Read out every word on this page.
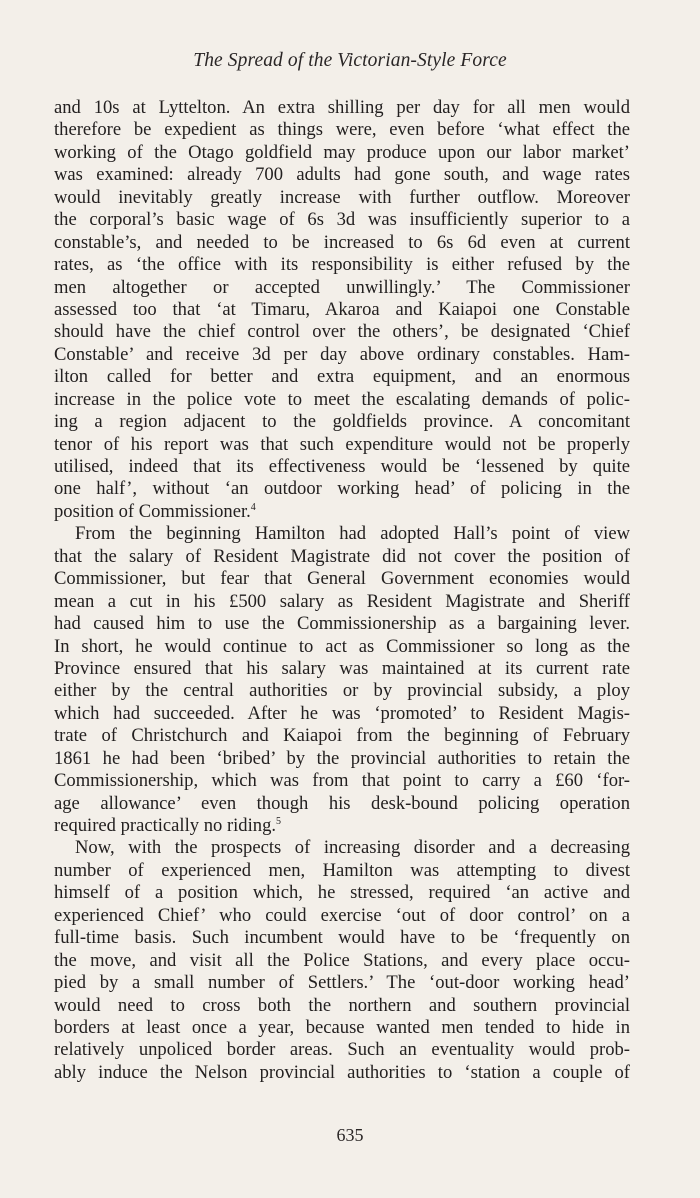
The Spread of the Victorian-Style Force
and 10s at Lyttelton. An extra shilling per day for all men would
therefore be expedient as things were, even before ‘what effect the
working of the Otago goldfield may produce upon our labor market’
was examined: already 700 adults had gone south, and wage rates
would inevitably greatly increase with further outflow. Moreover
the corporal’s basic wage of 6s 3d was insufficiently superior to a
constable’s, and needed to be increased to 6s 6d even at current
rates, as ‘the office with its responsibility is either refused by the
men altogether or accepted unwillingly.’ The Commissioner
assessed too that ‘at Timaru, Akaroa and Kaiapoi one Constable
should have the chief control over the others’, be designated ‘Chief
Constable’ and receive 3d per day above ordinary constables. Ham-
ilton called for better and extra equipment, and an enormous
increase in the police vote to meet the escalating demands of polic-
ing a region adjacent to the goldfields province. A concomitant
tenor of his report was that such expenditure would not be properly
utilised, indeed that its effectiveness would be ‘lessened by quite
one half’, without ‘an outdoor working head’ of policing in the
position of Commissioner.$^4$
From the beginning Hamilton had adopted Hall’s point of view
that the salary of Resident Magistrate did not cover the position of
Commissioner, but fear that General Government economies would
mean a cut in his £500 salary as Resident Magistrate and Sheriff
had caused him to use the Commissionership as a bargaining lever.
In short, he would continue to act as Commissioner so long as the
Province ensured that his salary was maintained at its current rate
either by the central authorities or by provincial subsidy, a ploy
which had succeeded. After he was ‘promoted’ to Resident Magis-
trate of Christchurch and Kaiapoi from the beginning of February
1861 he had been ‘bribed’ by the provincial authorities to retain the
Commissionership, which was from that point to carry a £60 ‘for-
age allowance’ even though his desk-bound policing operation
required practically no riding.$^5$
Now, with the prospects of increasing disorder and a decreasing
number of experienced men, Hamilton was attempting to divest
himself of a position which, he stressed, required ‘an active and
experienced Chief’ who could exercise ‘out of door control’ on a
full-time basis. Such incumbent would have to be ‘frequently on
the move, and visit all the Police Stations, and every place occu-
pied by a small number of Settlers.’ The ‘out-door working head’
would need to cross both the northern and southern provincial
borders at least once a year, because wanted men tended to hide in
relatively unpoliced border areas. Such an eventuality would prob-
ably induce the Nelson provincial authorities to ‘station a couple of
635
